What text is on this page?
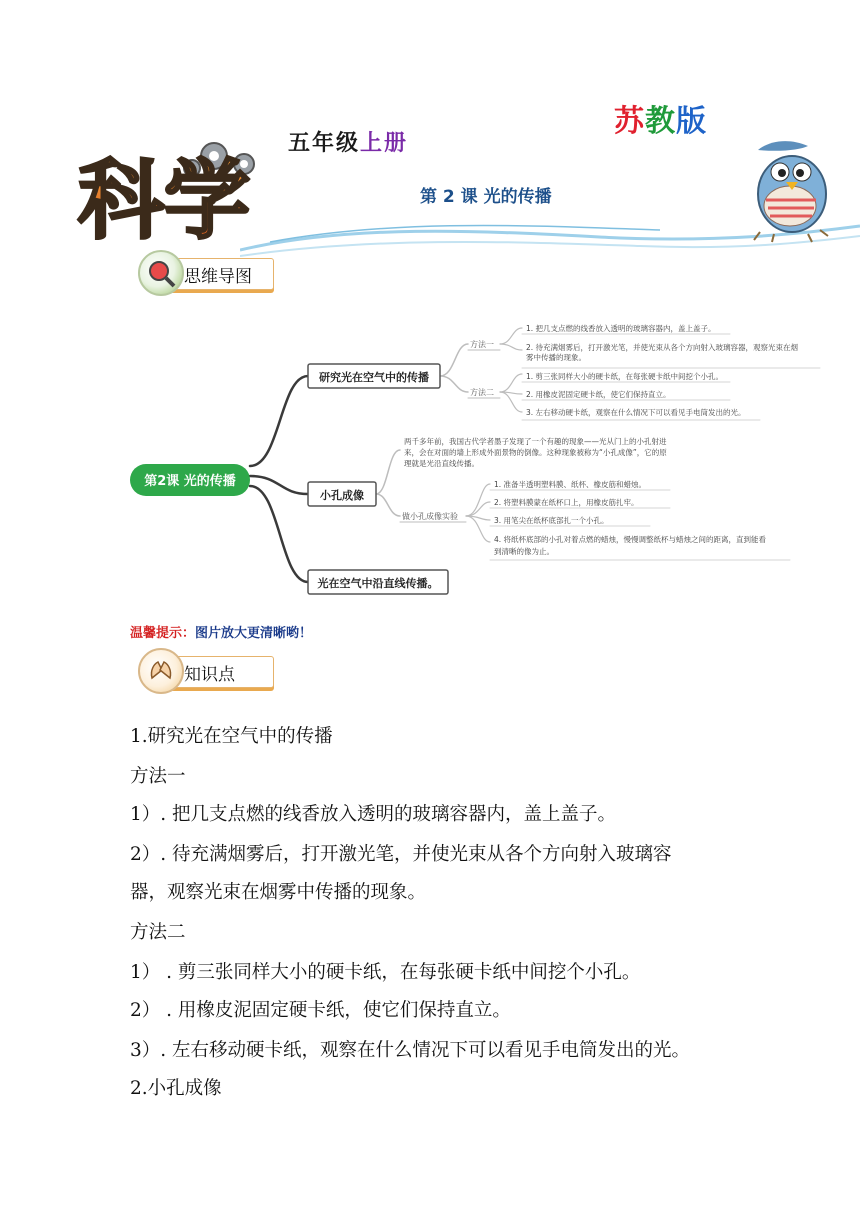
苏教版
五年级上册
科学	第 2 课 光的传播
思维导图
第2课 光的传播
研究光在空气中的传播
小孔成像
光在空气中沿直线传播。
方法一
方法二
做小孔成像实验
1. 把几支点燃的线香放入透明的玻璃容器内，盖上盖子。
2. 待充满烟雾后，打开激光笔，并使光束从各个方向射入玻璃容器，观察光束在烟
雾中传播的现象。
1. 剪三张同样大小的硬卡纸，在每张硬卡纸中间挖个小孔。
2. 用橡皮泥固定硬卡纸，使它们保持直立。
3. 左右移动硬卡纸，观察在什么情况下可以看见手电筒发出的光。
两千多年前，我国古代学者墨子发现了一个有趣的现象——光从门上的小孔射进
来，会在对面的墙上形成外面景物的倒像。这种现象被称为“小孔成像”，它的原
理就是光沿直线传播。
1. 准备半透明塑料膜、纸杯、橡皮筋和蜡烛。
2. 将塑料膜蒙在纸杯口上，用橡皮筋扎牢。
3. 用笔尖在纸杯底部扎一个小孔。
4. 将纸杯底部的小孔对着点燃的蜡烛，慢慢调整纸杯与蜡烛之间的距离，直到能看
到清晰的像为止。
温馨提示：图片放大更清晰哟！
知识点
1.研究光在空气中的传播
方法一
1）. 把几支点燃的线香放入透明的玻璃容器内，盖上盖子。
2）. 待充满烟雾后，打开激光笔，并使光束从各个方向射入玻璃容
器，观察光束在烟雾中传播的现象。
方法二
1） . 剪三张同样大小的硬卡纸，在每张硬卡纸中间挖个小孔。
2） . 用橡皮泥固定硬卡纸，使它们保持直立。
3）. 左右移动硬卡纸，观察在什么情况下可以看见手电筒发出的光。
2.小孔成像
